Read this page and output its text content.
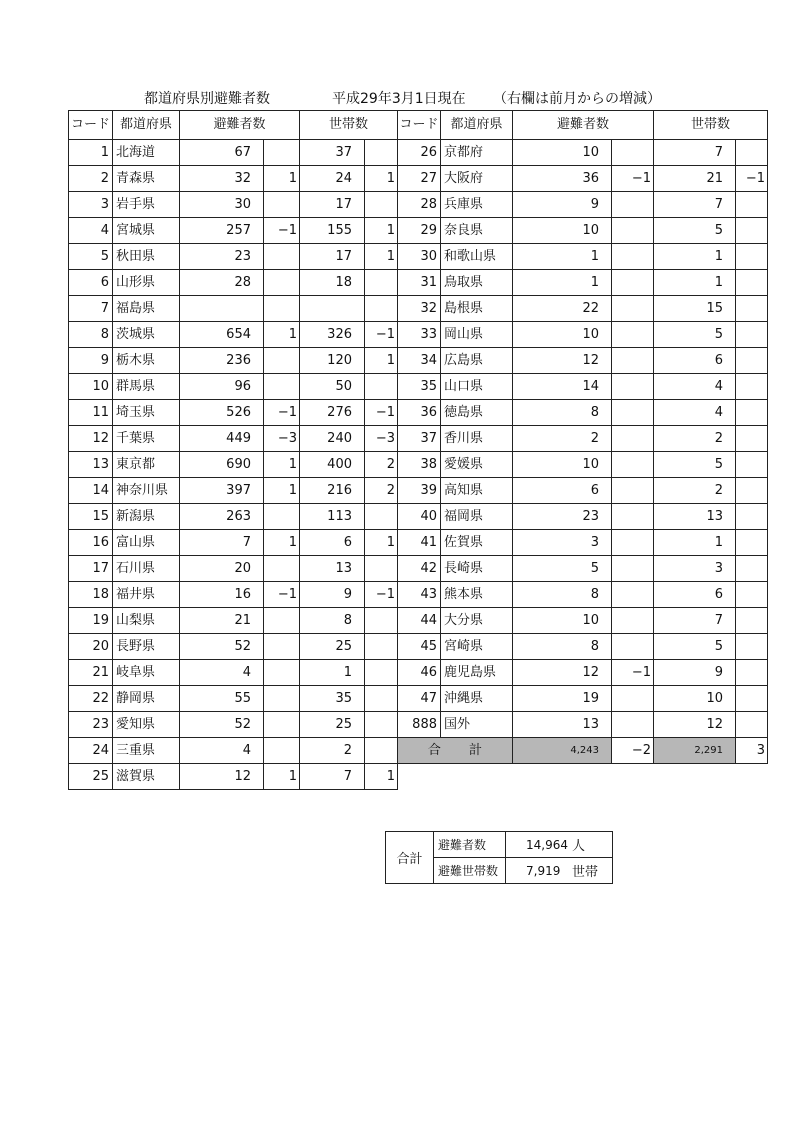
都道府県別避難者数	平成29年3月1日現在 （右欄は前月からの増減）
コード	都道府県	避難者数		世帯数		コード	都道府県	避難者数		世帯数	
1	北海道	67		37		26	京都府	10		7	
2	青森県	32	1	24	1	27	大阪府	36	−1	21	−1
3	岩手県	30		17		28	兵庫県	9		7	
4	宮城県	257	−1	155	1	29	奈良県	10		5	
5	秋田県	23		17	1	30	和歌山県	1		1	
6	山形県	28		18		31	鳥取県	1		1	
7	福島県					32	島根県	22		15	
8	茨城県	654	1	326	−1	33	岡山県	10		5	
9	栃木県	236		120	1	34	広島県	12		6	
10	群馬県	96		50		35	山口県	14		4	
11	埼玉県	526	−1	276	−1	36	徳島県	8		4	
12	千葉県	449	−3	240	−3	37	香川県	2		2	
13	東京都	690	1	400	2	38	愛媛県	10		5	
14	神奈川県	397	1	216	2	39	高知県	6		2	
15	新潟県	263		113		40	福岡県	23		13	
16	富山県	7	1	6	1	41	佐賀県	3		1	
17	石川県	20		13		42	長崎県	5		3	
18	福井県	16	−1	9	−1	43	熊本県	8		6	
19	山梨県	21		8		44	大分県	10		7	
20	長野県	52		25		45	宮崎県	8		5	
21	岐阜県	4		1		46	鹿児島県	12	−1	9	
22	静岡県	55		35		47	沖縄県	19		10	
23	愛知県	52		25		888	国外	13		12	
24	三重県	4		2		合 計		4,243	−2	2,291	3
25	滋賀県	12	1	7	1						
合計	避難者数	14,964	人
	避難世帯数	7,919	世帯
